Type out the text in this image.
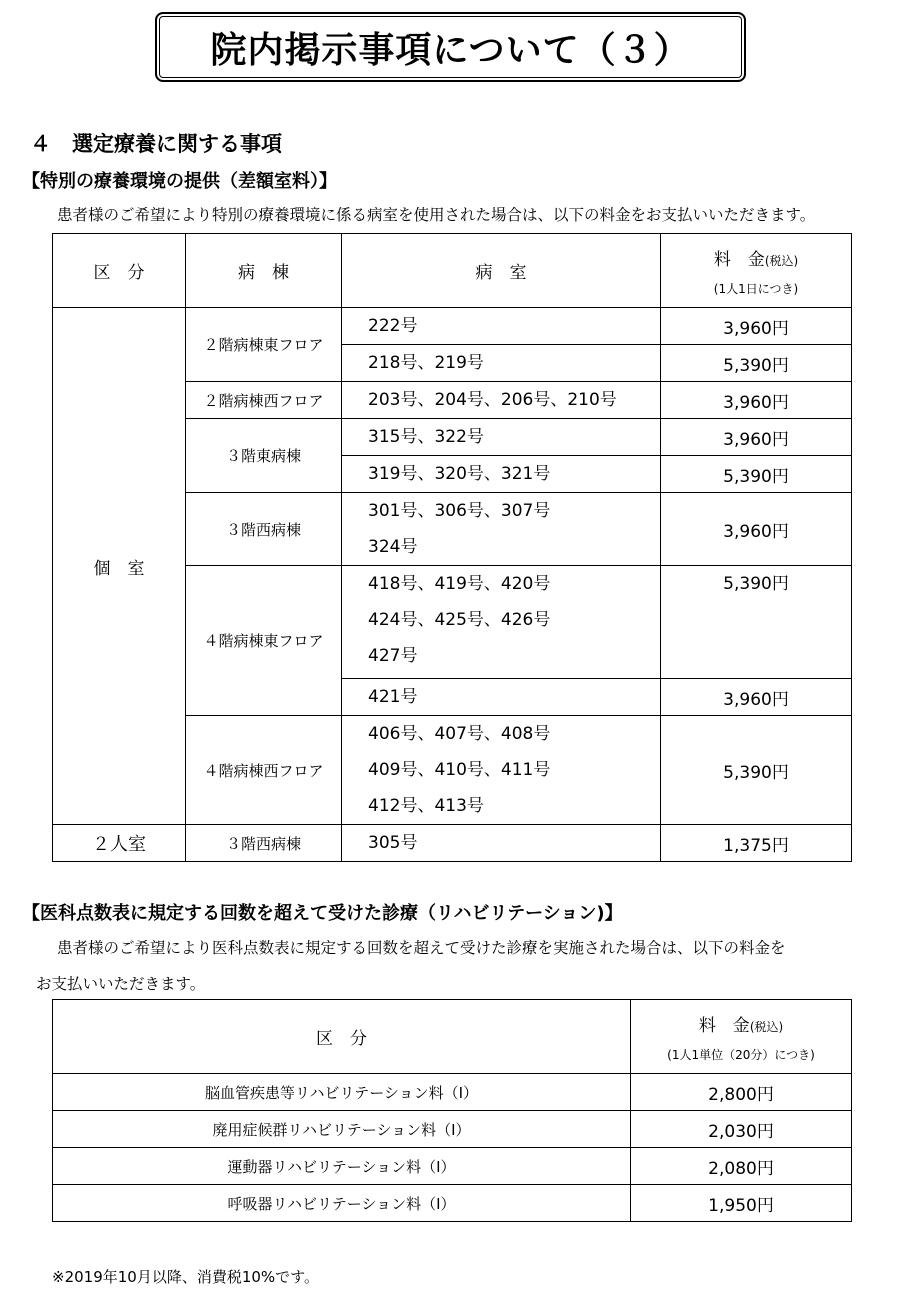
院内掲示事項について（３）
４　選定療養に関する事項
【特別の療養環境の提供（差額室料）】
患者様のご希望により特別の療養環境に係る病室を使用された場合は、以下の料金をお支払いいただきます。
区　分	病　棟	病　室	料　金(税込)
(1人1日につき)

個　室	２階病棟東フロア	222号	3,960円
		218号、219号	5,390円
	２階病棟西フロア	203号、204号、206号、210号	3,960円
	３階東病棟	315号、322号	3,960円
		319号、320号、321号	5,390円
	３階西病棟	301号、306号、307号
324号	3,960円
	４階病棟東フロア	418号、419号、420号
424号、425号、426号
427号	5,390円
		421号	3,960円
	４階病棟西フロア	406号、407号、408号
409号、410号、411号
412号、413号	5,390円
２人室	３階西病棟	305号	1,375円
【医科点数表に規定する回数を超えて受けた診療（リハビリテーション)】
患者様のご希望により医科点数表に規定する回数を超えて受けた診療を実施された場合は、以下の料金を
お支払いいただきます。
区　分	料　金(税込)
(1人1単位（20分）につき)

脳血管疾患等リハビリテーション料（Ⅰ）	2,800円
廃用症候群リハビリテーション料（Ⅰ）	2,030円
運動器リハビリテーション料（Ⅰ）	2,080円
呼吸器リハビリテーション料（Ⅰ）	1,950円
※2019年10月以降、消費税10%です。
